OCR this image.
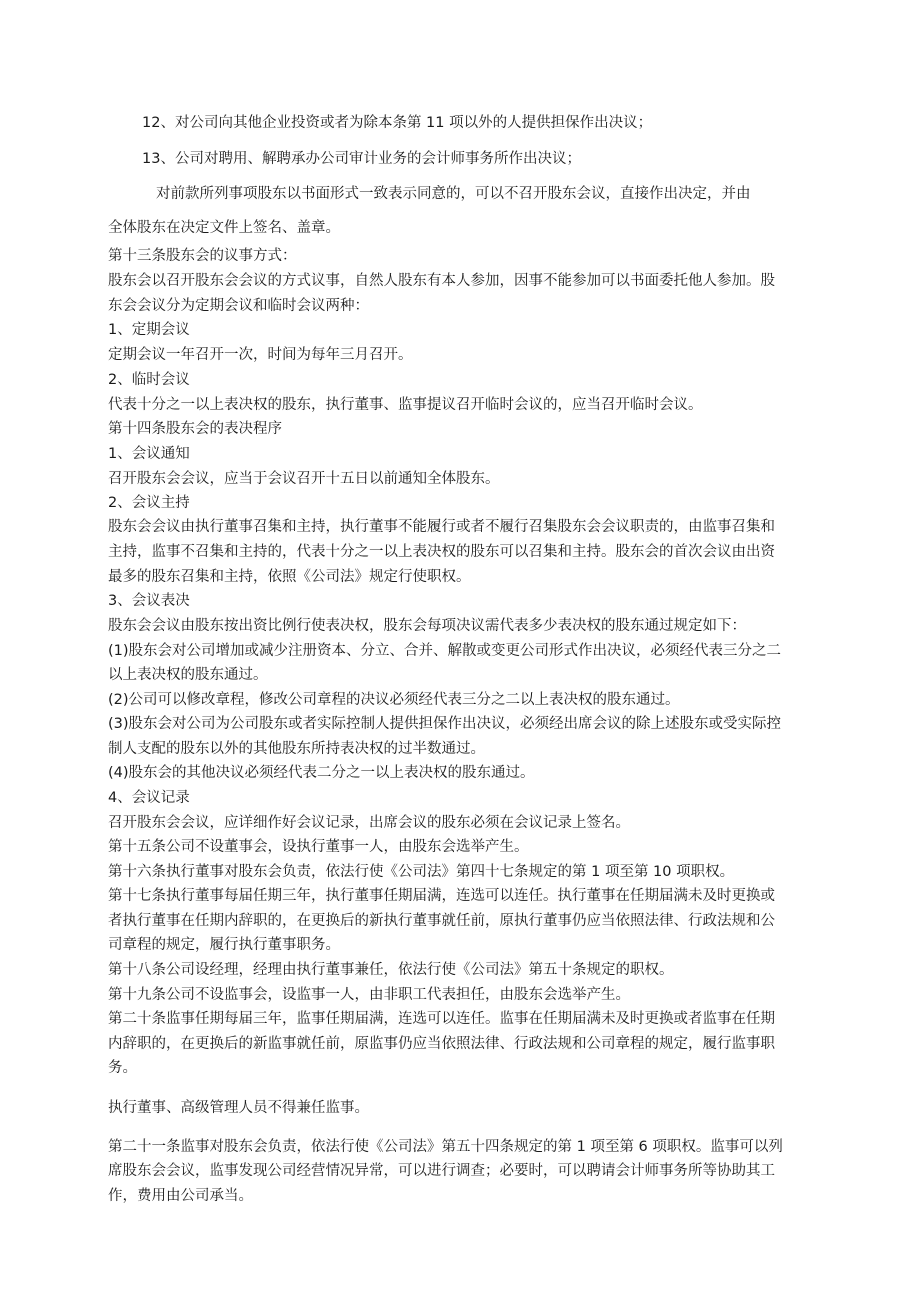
12、对公司向其他企业投资或者为除本条第 11 项以外的人提供担保作出决议；

13、公司对聘用、解聘承办公司审计业务的会计师事务所作出决议；

对前款所列事项股东以书面形式一致表示同意的，可以不召开股东会议，直接作出决定，并由

全体股东在决定文件上签名、盖章。

第十三条股东会的议事方式：

股东会以召开股东会会议的方式议事，自然人股东有本人参加，因事不能参加可以书面委托他人参加。股

东会会议分为定期会议和临时会议两种：

1、定期会议

定期会议一年召开一次，时间为每年三月召开。

2、临时会议

代表十分之一以上表决权的股东，执行董事、监事提议召开临时会议的，应当召开临时会议。

第十四条股东会的表决程序

1、会议通知

召开股东会会议，应当于会议召开十五日以前通知全体股东。

2、会议主持

股东会会议由执行董事召集和主持，执行董事不能履行或者不履行召集股东会会议职责的，由监事召集和

主持，监事不召集和主持的，代表十分之一以上表决权的股东可以召集和主持。股东会的首次会议由出资

最多的股东召集和主持，依照《公司法》规定行使职权。

3、会议表决

股东会会议由股东按出资比例行使表决权，股东会每项决议需代表多少表决权的股东通过规定如下：

(1)股东会对公司增加或减少注册资本、分立、合并、解散或变更公司形式作出决议，必须经代表三分之二

以上表决权的股东通过。

(2)公司可以修改章程，修改公司章程的决议必须经代表三分之二以上表决权的股东通过。

(3)股东会对公司为公司股东或者实际控制人提供担保作出决议，必须经出席会议的除上述股东或受实际控

制人支配的股东以外的其他股东所持表决权的过半数通过。

(4)股东会的其他决议必须经代表二分之一以上表决权的股东通过。

4、会议记录

召开股东会会议，应详细作好会议记录，出席会议的股东必须在会议记录上签名。

第十五条公司不设董事会，设执行董事一人，由股东会选举产生。

第十六条执行董事对股东会负责，依法行使《公司法》第四十七条规定的第 1 项至第 10 项职权。

第十七条执行董事每届任期三年，执行董事任期届满，连选可以连任。执行董事在任期届满未及时更换或

者执行董事在任期内辞职的，在更换后的新执行董事就任前，原执行董事仍应当依照法律、行政法规和公

司章程的规定，履行执行董事职务。

第十八条公司设经理，经理由执行董事兼任，依法行使《公司法》第五十条规定的职权。

第十九条公司不设监事会，设监事一人，由非职工代表担任，由股东会选举产生。

第二十条监事任期每届三年，监事任期届满，连选可以连任。监事在任期届满未及时更换或者监事在任期

内辞职的，在更换后的新监事就任前，原监事仍应当依照法律、行政法规和公司章程的规定，履行监事职

务。

执行董事、高级管理人员不得兼任监事。

第二十一条监事对股东会负责，依法行使《公司法》第五十四条规定的第 1 项至第 6 项职权。监事可以列

席股东会会议，监事发现公司经营情况异常，可以进行调查；必要时，可以聘请会计师事务所等协助其工

作，费用由公司承当。
